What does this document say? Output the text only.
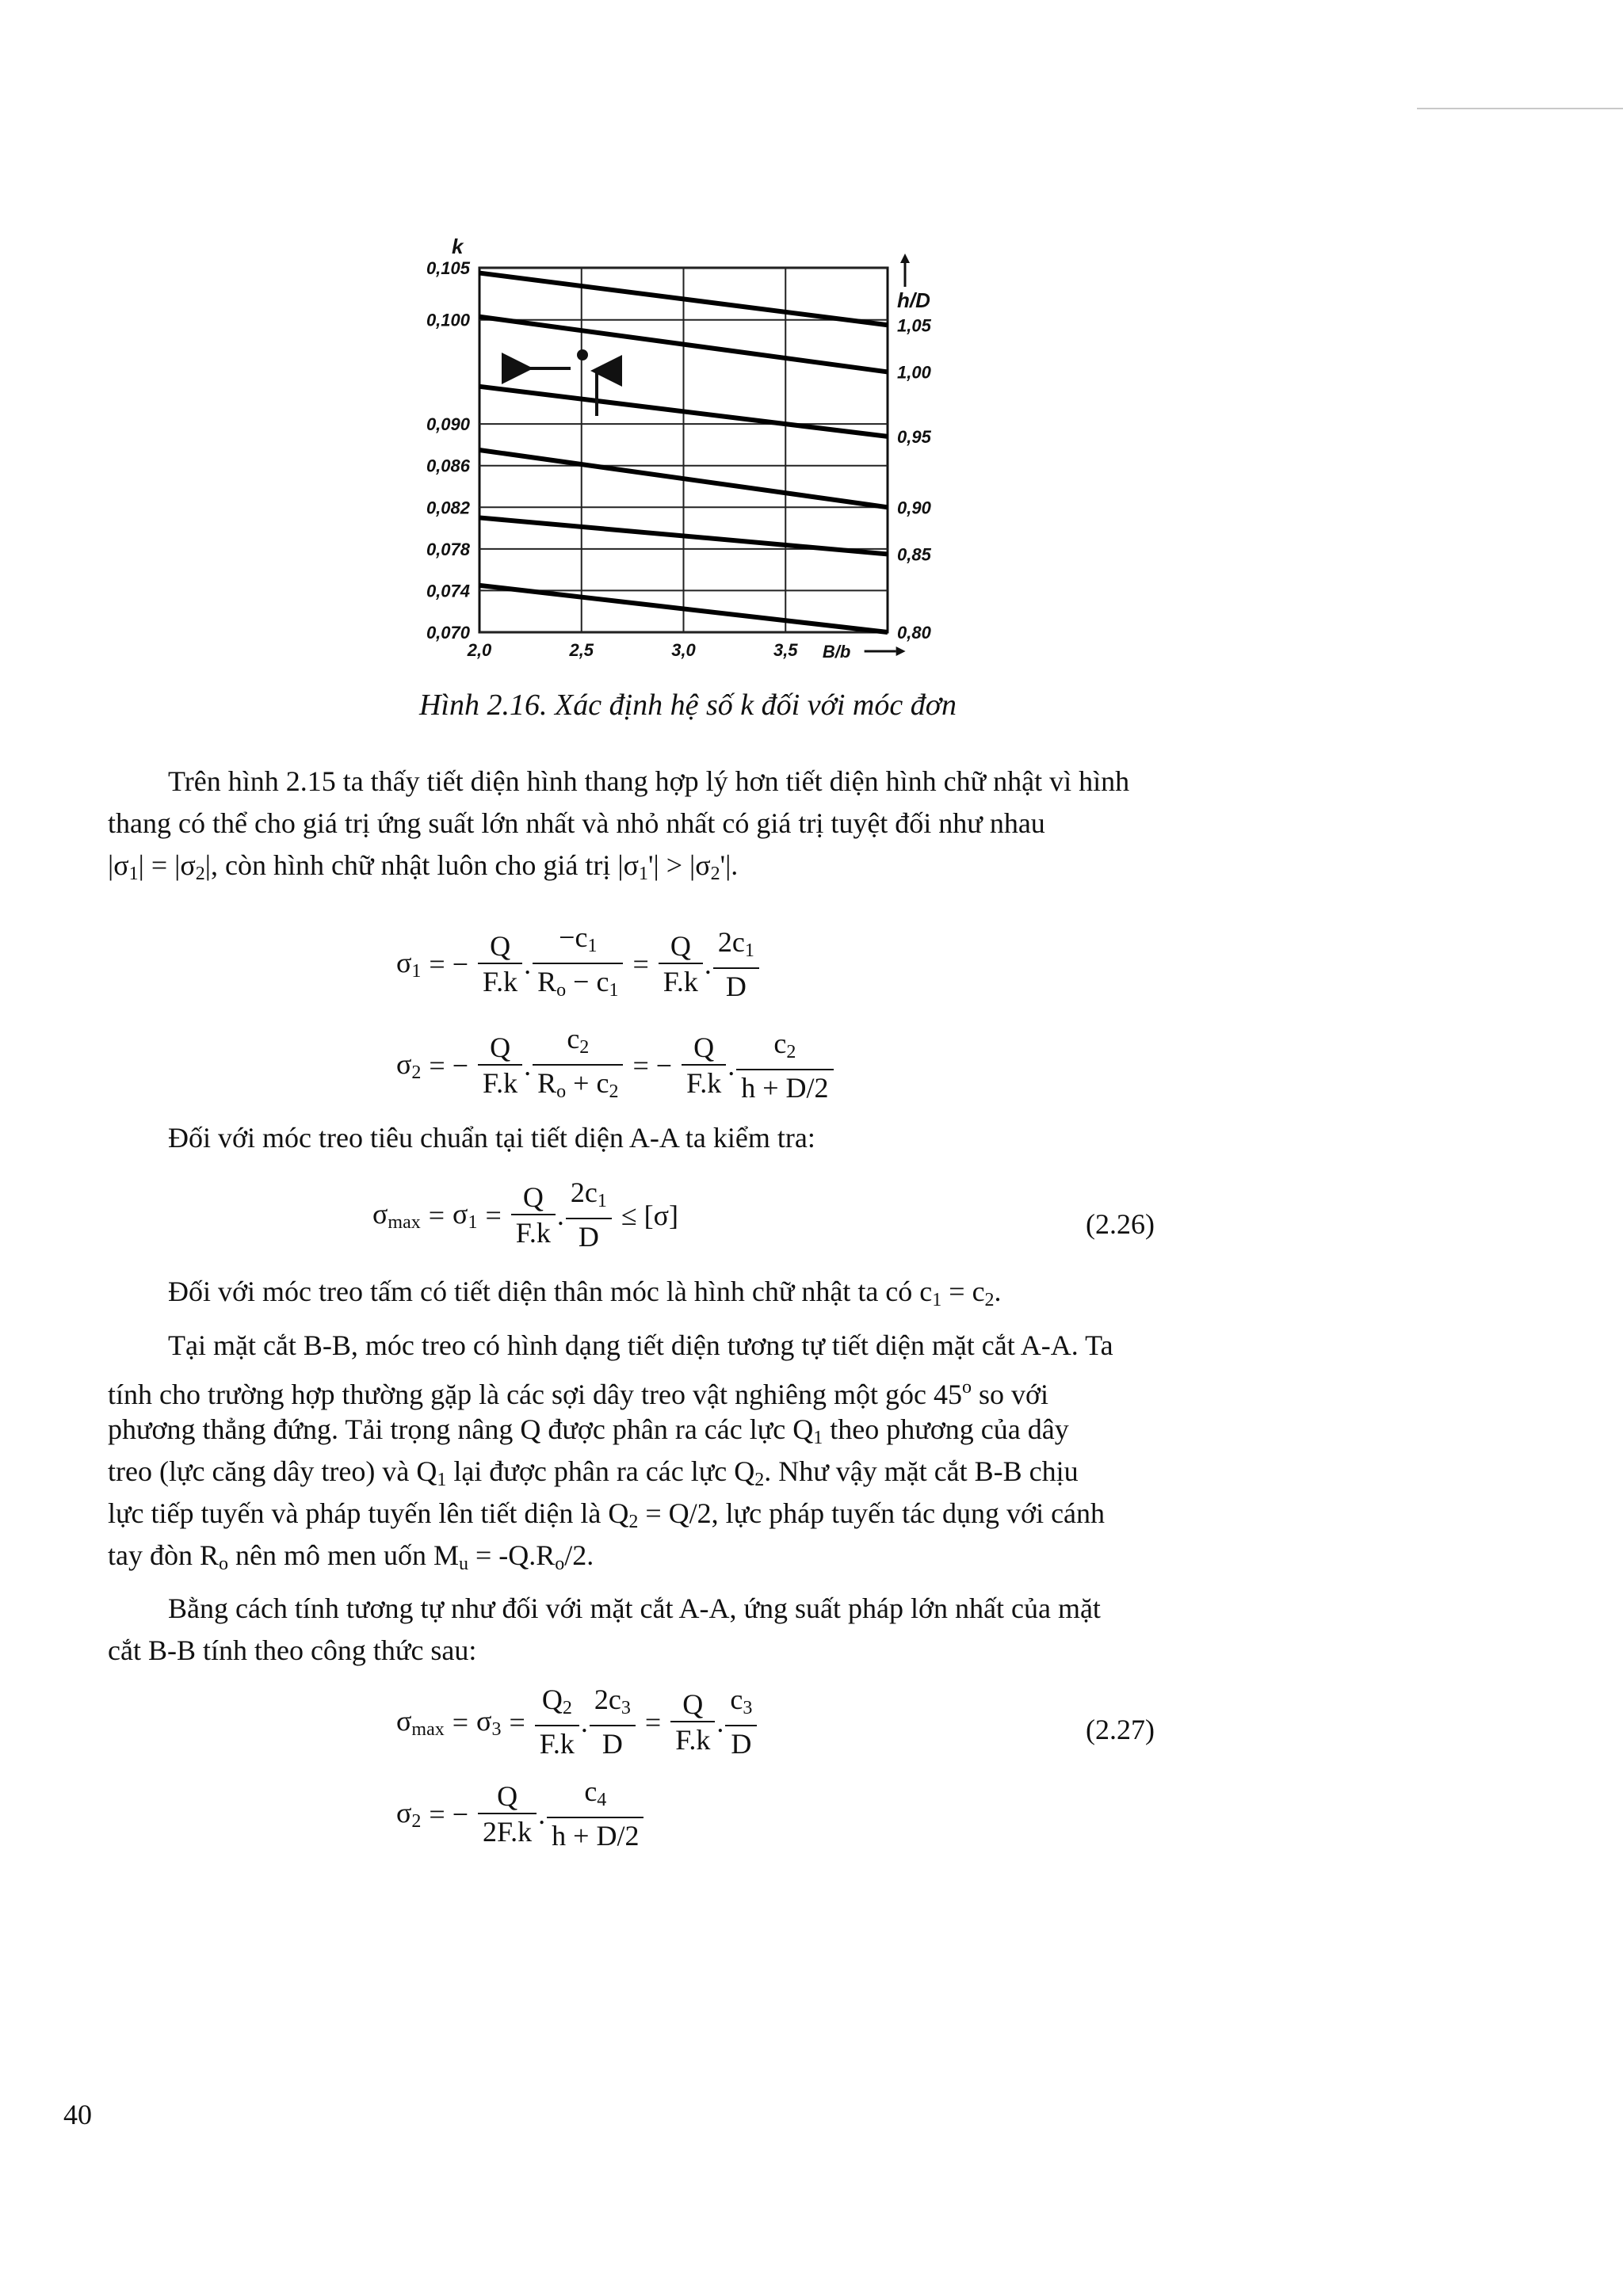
1,05
1,00
0,95
0,90
0,85
0,80
0,105
0,100
0,090
0,086
0,082
0,078
0,074
0,070
2,0	2,5	3,0	3,5
k
B/b
h/D
Hình 2.16. Xác định hệ số k đối với móc đơn
Trên hình 2.15 ta thấy tiết diện hình thang hợp lý hơn tiết diện hình chữ nhật vì hình
thang có thể cho giá trị ứng suất lớn nhất và nhỏ nhất có giá trị tuyệt đối như nhau
$|\sigma_1| = |\sigma_2|$, còn hình chữ nhật luôn cho giá trị $|\sigma_1'| > |\sigma_2'|$.
$\sigma_1$ = − $\frac{Q}{F.k}$ . $\frac{-c_1}{R_o - c_1} = \frac{Q}{F.k}$ . $\frac{2c_1}{D}$
$\sigma_2$ = − $\frac{Q}{F.k}$ . $\frac{c_2}{R_o + c_2}$ = − $\frac{Q}{F.k}$ . $\frac{c_2}{h + D/2}$
Đối với móc treo tiêu chuẩn tại tiết diện A-A ta kiểm tra:
$\sigma_{max} = \sigma_1 = \frac{Q}{F.k}$ . $\frac{2c_1}{D} \le [\sigma]$	(2.26)
Đối với móc treo tấm có tiết diện thân móc là hình chữ nhật ta có $c_1 = c_2$.
Tại mặt cắt B-B, móc treo có hình dạng tiết diện tương tự tiết diện mặt cắt A-A. Ta
tính cho trường hợp thường gặp là các sợi dây treo vật nghiêng một góc 45$^o$ so với
phương thẳng đứng. Tải trọng nâng Q được phân ra các lực $Q_1$ theo phương của dây
treo (lực căng dây treo) và $Q_1$ lại được phân ra các lực $Q_2$. Như vậy mặt cắt B-B chịu
lực tiếp tuyến và pháp tuyến lên tiết diện là $Q_2 = Q/2$, lực pháp tuyến tác dụng với cánh
tay đòn $R_o$ nên mô men uốn $M_u = -Q.R_o/2$.
Bằng cách tính tương tự như đối với mặt cắt A-A, ứng suất pháp lớn nhất của mặt
cắt B-B tính theo công thức sau:
$\sigma_{max} = \sigma_3 = \frac{Q_2}{F.k}$ . $\frac{2c_3}{D} = \frac{Q}{F.k}$ . $\frac{c_3}{D}$	(2.27)
$\sigma_2$ = − $\frac{Q}{2F.k}$ . $\frac{c_4}{h + D/2}$
40
